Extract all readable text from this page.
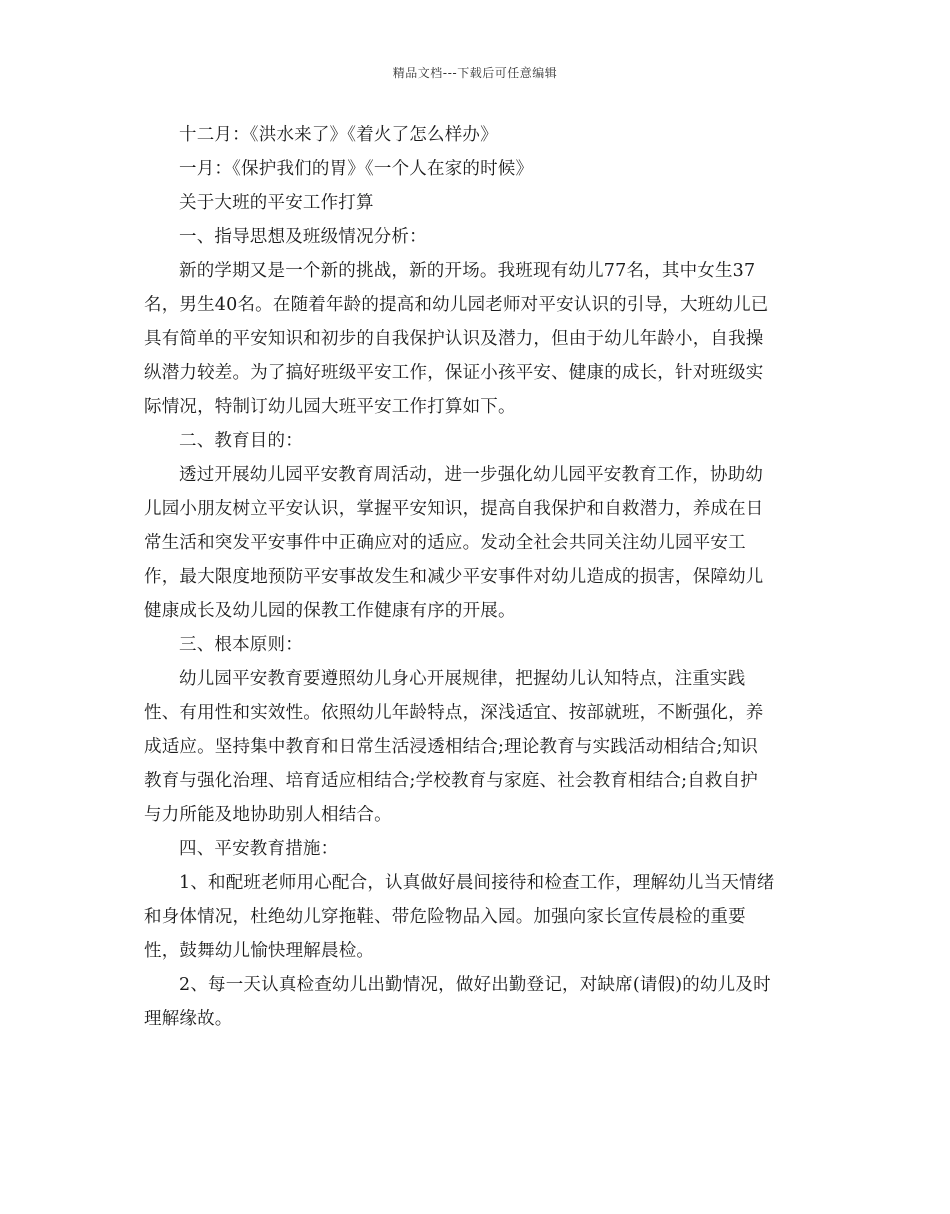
精品文档---下载后可任意编辑
十二月：《洪水来了》《着火了怎么样办》
一月：《保护我们的胃》《一个人在家的时候》
关于大班的平安工作打算
一、指导思想及班级情况分析：
新的学期又是一个新的挑战，新的开场。我班现有幼儿77名，其中女生37
名，男生40名。在随着年龄的提高和幼儿园老师对平安认识的引导，大班幼儿已
具有简单的平安知识和初步的自我保护认识及潜力，但由于幼儿年龄小，自我操
纵潜力较差。为了搞好班级平安工作，保证小孩平安、健康的成长，针对班级实
际情况，特制订幼儿园大班平安工作打算如下。
二、教育目的：
透过开展幼儿园平安教育周活动，进一步强化幼儿园平安教育工作，协助幼
儿园小朋友树立平安认识，掌握平安知识，提高自我保护和自救潜力，养成在日
常生活和突发平安事件中正确应对的适应。发动全社会共同关注幼儿园平安工
作，最大限度地预防平安事故发生和减少平安事件对幼儿造成的损害，保障幼儿
健康成长及幼儿园的保教工作健康有序的开展。
三、根本原则：
幼儿园平安教育要遵照幼儿身心开展规律，把握幼儿认知特点，注重实践
性、有用性和实效性。依照幼儿年龄特点，深浅适宜、按部就班，不断强化，养
成适应。坚持集中教育和日常生活浸透相结合;理论教育与实践活动相结合;知识
教育与强化治理、培育适应相结合;学校教育与家庭、社会教育相结合;自救自护
与力所能及地协助别人相结合。
四、平安教育措施：
1、和配班老师用心配合，认真做好晨间接待和检查工作，理解幼儿当天情绪
和身体情况，杜绝幼儿穿拖鞋、带危险物品入园。加强向家长宣传晨检的重要
性，鼓舞幼儿愉快理解晨检。
2、每一天认真检查幼儿出勤情况，做好出勤登记，对缺席(请假)的幼儿及时
理解缘故。
